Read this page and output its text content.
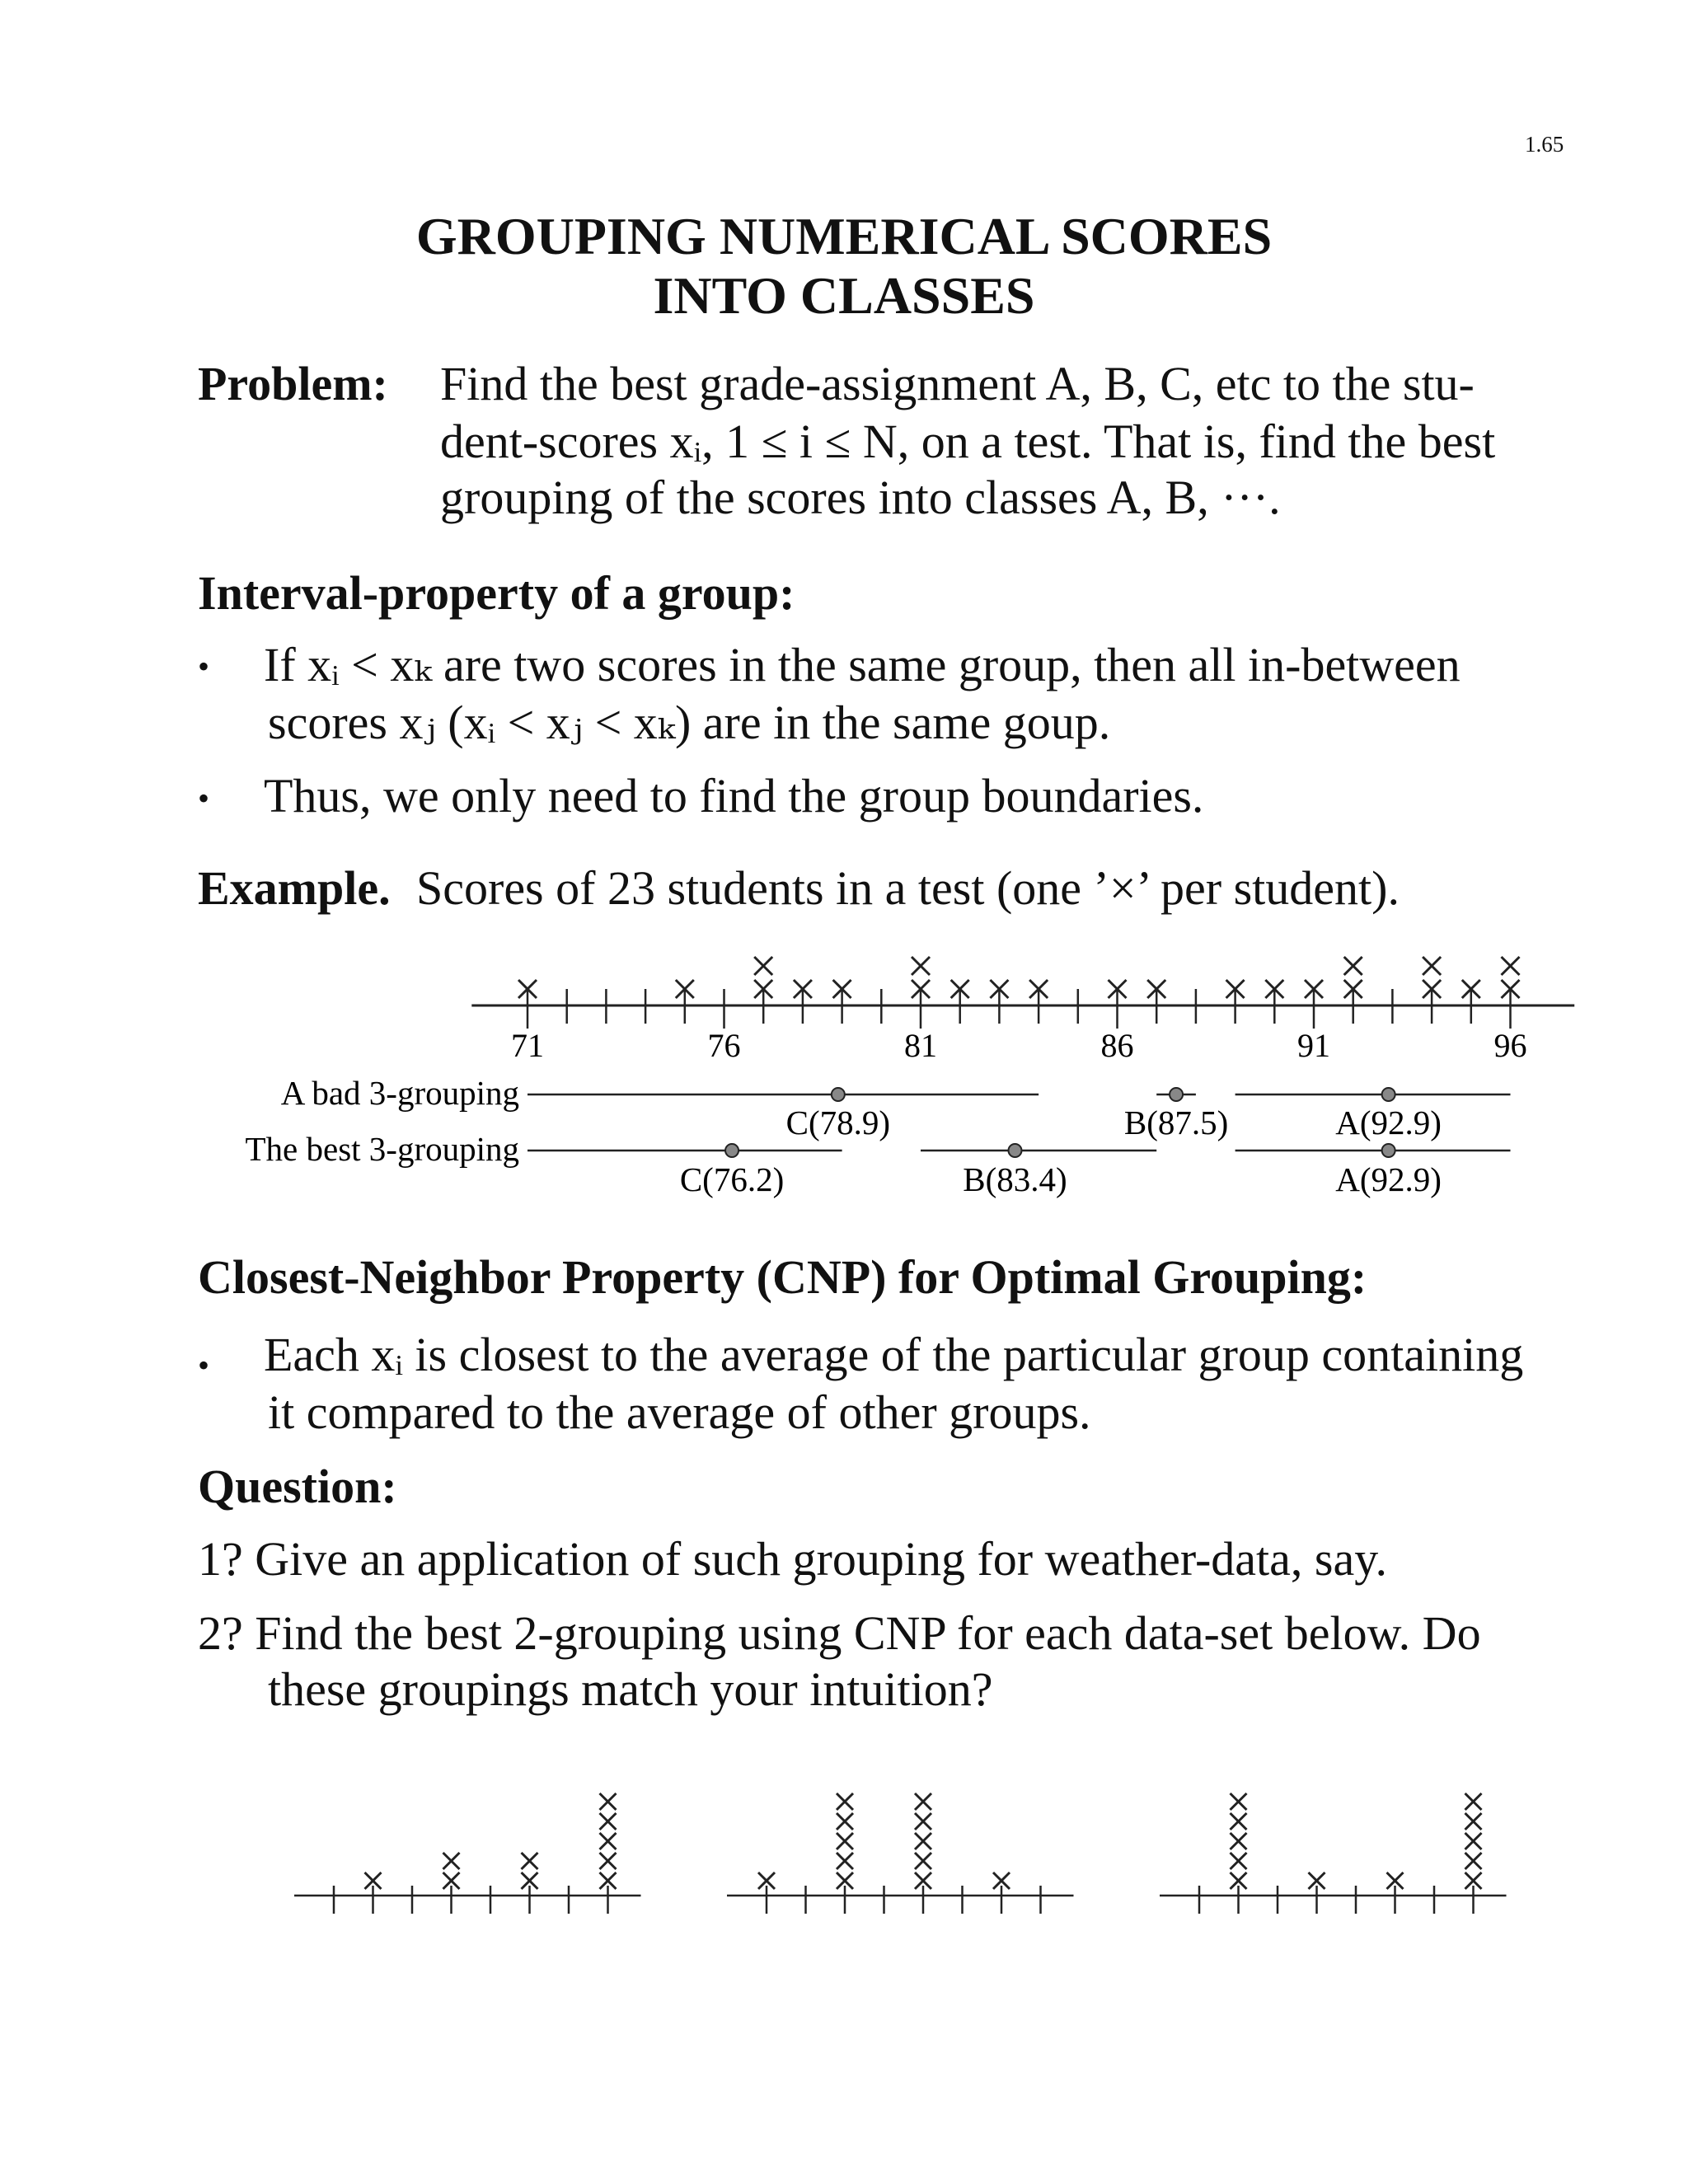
1.65
GROUPING NUMERICAL SCORES
INTO CLASSES
Problem: Find the best grade-assignment A, B, C, etc to the stu-
dent-scores xᵢ, 1 ≤ i ≤ N, on a test. That is, find the best
grouping of the scores into classes A, B, ···.
Interval-property of a group:
• If xᵢ < xₖ are two scores in the same group, then all in-between
scores xⱼ (xᵢ < xⱼ < xₖ) are in the same goup.
• Thus, we only need to find the group boundaries.
Example. Scores of 23 students in a test (one ’×’ per student).
71	76	81	86	91	96
A bad 3-grouping
The best 3-grouping
C(78.9)	B(87.5)	A(92.9)
C(76.2)	B(83.4)	A(92.9)
Closest-Neighbor Property (CNP) for Optimal Grouping:
• Each xᵢ is closest to the average of the particular group containing
it compared to the average of other groups.
Question:
1? Give an application of such grouping for weather-data, say.
2? Find the best 2-grouping using CNP for each data-set below. Do
these groupings match your intuition?
